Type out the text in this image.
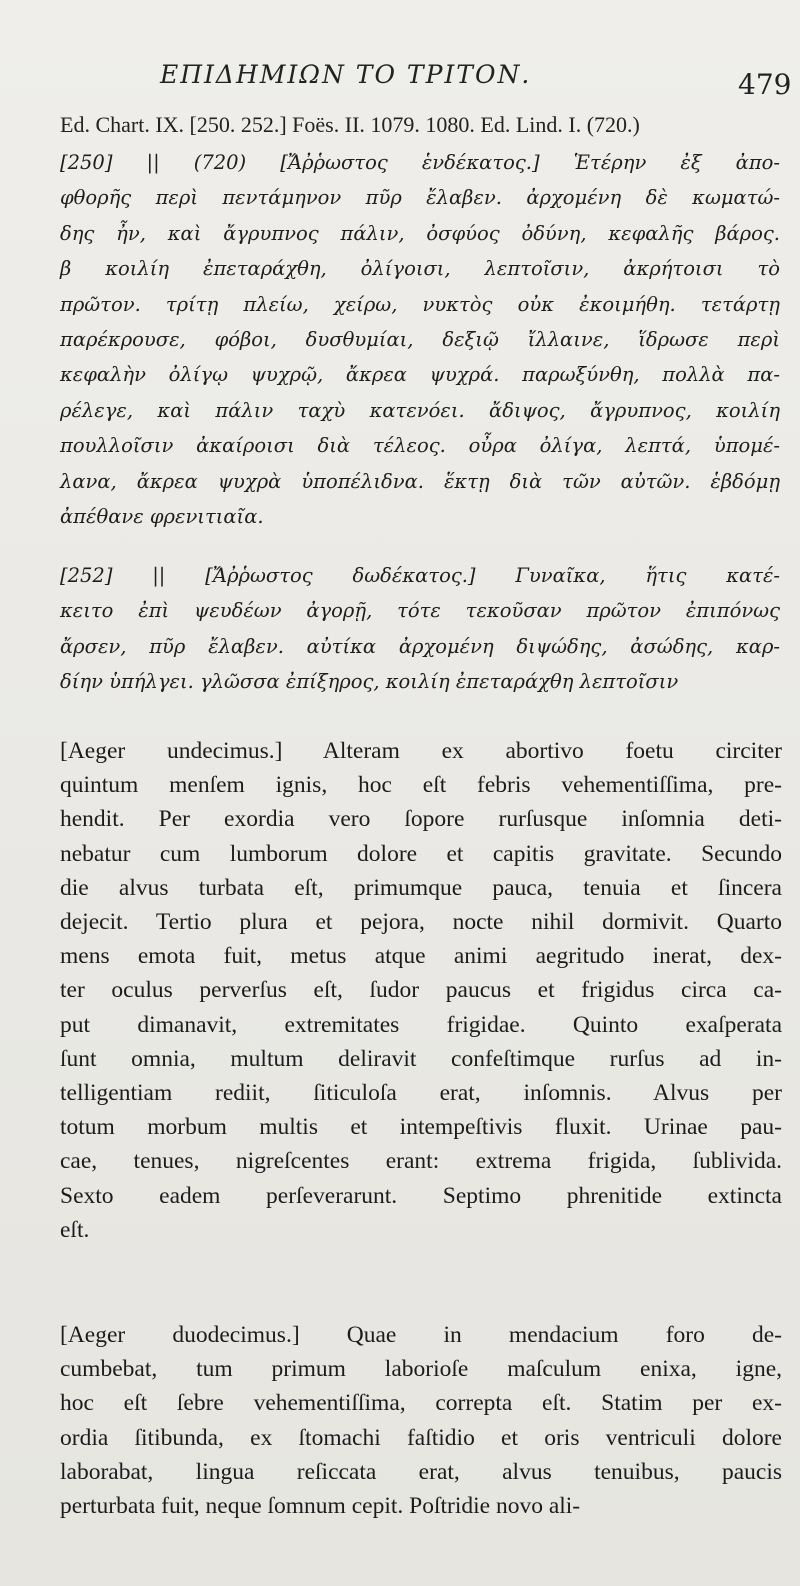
ΕΠΙΔΗΜΙΩΝ ΤΟ ΤΡΙΤΟΝ.	479
Ed. Chart. IX. [250. 252.] Foës. II. 1079. 1080. Ed. Lind. I. (720.)
[250] || (720) [Ἄῤῥωστος ἑνδέκατος.] Ἑτέρην ἐξ ἀπο-
φθορῆς περὶ πεντάμηνον πῦρ ἔλαβεν. ἀρχομένη δὲ κωματώ-
δης ἦν, καὶ ἄγρυπνος πάλιν, ὀσφύος ὀδύνη, κεφαλῆς βάρος.
β κοιλίη ἐπεταράχθη, ὀλίγοισι, λεπτοῖσιν, ἀκρήτοισι τὸ
πρῶτον. τρίτῃ πλείω, χείρω, νυκτὸς οὐκ ἐκοιμήθη. τετάρτῃ
παρέκρουσε, φόβοι, δυσθυμίαι, δεξιῷ ἴλλαινε, ἵδρωσε περὶ
κεφαλὴν ὀλίγῳ ψυχρῷ, ἄκρεα ψυχρά. παρωξύνθη, πολλὰ πα-
ρέλεγε, καὶ πάλιν ταχὺ κατενόει. ἄδιψος, ἄγρυπνος, κοιλίη
πουλλοῖσιν ἀκαίροισι διὰ τέλεος. οὖρα ὀλίγα, λεπτά, ὑπομέ-
λανα, ἄκρεα ψυχρὰ ὑποπέλιδνα. ἕκτῃ διὰ τῶν αὐτῶν. ἑβδόμῃ
ἀπέθανε φρενιτιαῖα.
[252] || [Ἄῤῥωστος δωδέκατος.] Γυναῖκα, ἥτις κατέ-
κειτο ἐπὶ ψευδέων ἀγορῇ, τότε τεκοῦσαν πρῶτον ἐπιπόνως
ἄρσεν, πῦρ ἔλαβεν. αὐτίκα ἀρχομένη διψώδης, ἀσώδης, καρ-
δίην ὑπήλγει. γλῶσσα ἐπίξηρος, κοιλίη ἐπεταράχθη λεπτοῖσιν
[Aeger undecimus.] Alteram ex abortivo foetu circiter
quintum menſem ignis, hoc eſt febris vehementiſſima, pre-
hendit. Per exordia vero ſopore rurſusque inſomnia deti-
nebatur cum lumborum dolore et capitis gravitate. Secundo
die alvus turbata eſt, primumque pauca, tenuia et ſincera
dejecit. Tertio plura et pejora, nocte nihil dormivit. Quarto
mens emota fuit, metus atque animi aegritudo inerat, dex-
ter oculus perverſus eſt, ſudor paucus et frigidus circa ca-
put dimanavit, extremitates frigidae. Quinto exaſperata
ſunt omnia, multum deliravit confeſtimque rurſus ad in-
telligentiam rediit, ſiticuloſa erat, inſomnis. Alvus per
totum morbum multis et intempeſtivis fluxit. Urinae pau-
cae, tenues, nigreſcentes erant: extrema frigida, ſublivida.
Sexto eadem perſeverarunt. Septimo phrenitide extincta
eſt.
[Aeger duodecimus.] Quae in mendacium foro de-
cumbebat, tum primum laborioſe maſculum enixa, igne,
hoc eſt ſebre vehementiſſima, correpta eſt. Statim per ex-
ordia ſitibunda, ex ſtomachi faſtidio et oris ventriculi dolore
laborabat, lingua reſiccata erat, alvus tenuibus, paucis
perturbata fuit, neque ſomnum cepit. Poſtridie novo ali-
